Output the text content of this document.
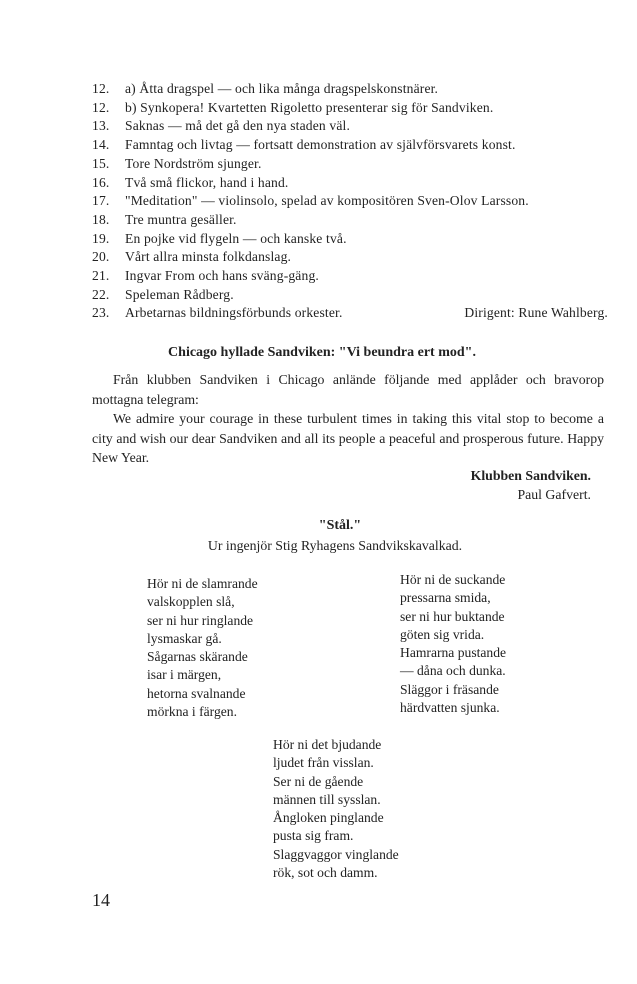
12.	a) Åtta dragspel — och lika många dragspelskonstnärer.
12.	b) Synkopera! Kvartetten Rigoletto presenterar sig för Sandviken.
13.	Saknas — må det gå den nya staden väl.
14.	Famntag och livtag — fortsatt demonstration av självförsvarets konst.
15.	Tore Nordström sjunger.
16.	Två små flickor, hand i hand.
17.	"Meditation" — violinsolo, spelad av kompositören Sven-Olov Larsson.
18.	Tre muntra gesäller.
19.	En pojke vid flygeln — och kanske två.
20.	Vårt allra minsta folkdanslag.
21.	Ingvar From och hans sväng-gäng.
22.	Speleman Rådberg.
23.	Arbetarnas bildningsförbunds orkester.	Dirigent: Rune Wahlberg.
Chicago hyllade Sandviken: "Vi beundra ert mod".

Från klubben Sandviken i Chicago anlände följande med applåder och bravorop mottagna telegram:

We admire your courage in these turbulent times in taking this vital stop to become a city and wish our dear Sandviken and all its people a peaceful and prosperous future. Happy New Year.

Klubben Sandviken.
Paul Gafvert.
"Stål."
Ur ingenjör Stig Ryhagens Sandvikskavalkad.
Hör ni de slamrande
valskopplen slå,
ser ni hur ringlande
lysmaskar gå.
Sågarnas skärande
isar i märgen,
hetorna svalnande
mörkna i färgen.
Hör ni de suckande
pressarna smida,
ser ni hur buktande
göten sig vrida.
Hamrarna pustande
— dåna och dunka.
Släggor i fräsande
härdvatten sjunka.
Hör ni det bjudande
ljudet från visslan.
Ser ni de gående
männen till sysslan.
Ångloken pinglande
pusta sig fram.
Slaggvaggor vinglande
rök, sot och damm.
14
